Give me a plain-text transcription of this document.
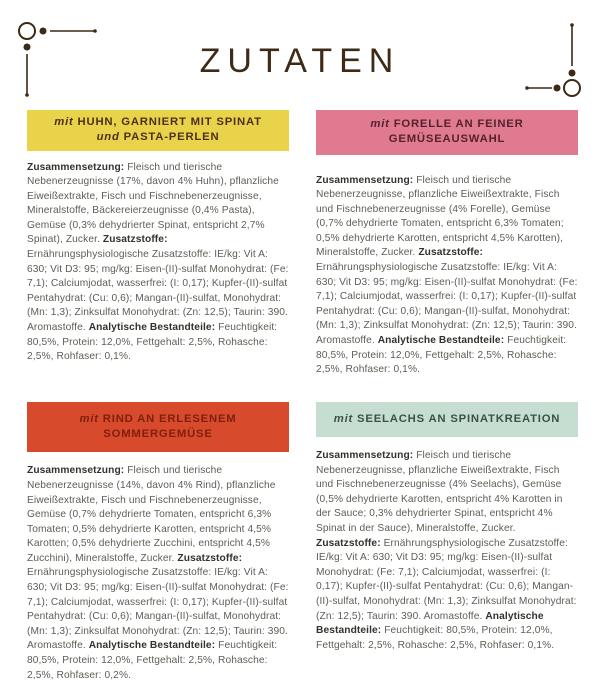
ZUTATEN
mit HUHN, GARNIERT MIT SPINAT
und PASTA-PERLEN

Zusammensetzung: Fleisch und tierische Nebenerzeugnisse (17%, davon 4% Huhn), pflanzliche Eiweißextrakte, Fisch und Fischnebenerzeugnisse, Mineralstoffe, Bäckereierzeugnisse (0,4% Pasta), Gemüse (0,3% dehydrierter Spinat, entspricht 2,7% Spinat), Zucker. Zusatzstoffe: Ernährungsphysiologische Zusatzstoffe: IE/kg: Vit A: 630; Vit D3: 95; mg/kg: Eisen-(II)-sulfat Monohydrat: (Fe: 7,1); Calciumjodat, wasserfrei: (I: 0,17); Kupfer-(II)-sulfat Pentahydrat: (Cu: 0,6); Mangan-(II)-sulfat, Monohydrat: (Mn: 1,3); Zinksulfat Monohydrat: (Zn: 12,5); Taurin: 390. Aromastoffe. Analytische Bestandteile: Feuchtigkeit: 80,5%, Protein: 12,0%, Fettgehalt: 2,5%, Rohasche: 2,5%, Rohfaser: 0,1%.

mit FORELLE AN FEINER GEMÜSEAUSWAHL

Zusammensetzung: Fleisch und tierische Nebenerzeugnisse, pflanzliche Eiweißextrakte, Fisch und Fischnebenerzeugnisse (4% Forelle), Gemüse (0,7% dehydrierte Tomaten, entspricht 6,3% Tomaten; 0,5% dehydrierte Karotten, entspricht 4,5% Karotten), Mineralstoffe, Zucker. Zusatzstoffe: Ernährungsphysiologische Zusatzstoffe: IE/kg: Vit A: 630; Vit D3: 95; mg/kg: Eisen-(II)-sulfat Monohydrat: (Fe: 7,1); Calciumjodat, wasserfrei: (I: 0,17); Kupfer-(II)-sulfat Pentahydrat: (Cu: 0,6); Mangan-(II)-sulfat, Monohydrat: (Mn: 1,3); Zinksulfat Monohydrat: (Zn: 12,5); Taurin: 390. Aromastoffe. Analytische Bestandteile: Feuchtigkeit: 80,5%, Protein: 12,0%, Fettgehalt: 2,5%, Rohasche: 2,5%, Rohfaser: 0,1%.

mit RIND AN ERLESENEM SOMMERGEMÜSE

Zusammensetzung: Fleisch und tierische Nebenerzeugnisse (14%, davon 4% Rind), pflanzliche Eiweißextrakte, Fisch und Fischnebenerzeugnisse, Gemüse (0,7% dehydrierte Tomaten, entspricht 6,3% Tomaten; 0,5% dehydrierte Karotten, entspricht 4,5% Karotten; 0,5% dehydrierte Zucchini, entspricht 4,5% Zucchini), Mineralstoffe, Zucker. Zusatzstoffe: Ernährungsphysiologische Zusatzstoffe: IE/kg: Vit A: 630; Vit D3: 95; mg/kg: Eisen-(II)-sulfat Monohydrat: (Fe: 7,1); Calciumjodat, wasserfrei: (I: 0,17); Kupfer-(II)-sulfat Pentahydrat: (Cu: 0,6); Mangan-(II)-sulfat, Monohydrat: (Mn: 1,3); Zinksulfat Monohydrat: (Zn: 12,5); Taurin: 390. Aromastoffe. Analytische Bestandteile: Feuchtigkeit: 80,5%, Protein: 12,0%, Fettgehalt: 2,5%, Rohasche: 2,5%, Rohfaser: 0,2%.

mit SEELACHS AN SPINATKREATION

Zusammensetzung: Fleisch und tierische Nebenerzeugnisse, pflanzliche Eiweißextrakte, Fisch und Fischnebenerzeugnisse (4% Seelachs), Gemüse (0,5% dehydrierte Karotten, entspricht 4% Karotten in der Sauce; 0,3% dehydrierter Spinat, entspricht 4% Spinat in der Sauce), Mineralstoffe, Zucker. Zusatzstoffe: Ernährungsphysiologische Zusatzstoffe: IE/kg: Vit A: 630; Vit D3: 95; mg/kg: Eisen-(II)-sulfat Monohydrat: (Fe: 7,1); Calciumjodat, wasserfrei: (I: 0,17); Kupfer-(II)-sulfat Pentahydrat: (Cu: 0,6); Mangan-(II)-sulfat, Monohydrat: (Mn: 1,3); Zinksulfat Monohydrat: (Zn: 12,5); Taurin: 390. Aromastoffe. Analytische Bestandteile: Feuchtigkeit: 80,5%, Protein: 12,0%, Fettgehalt: 2,5%, Rohasche: 2,5%, Rohfaser: 0,1%.
